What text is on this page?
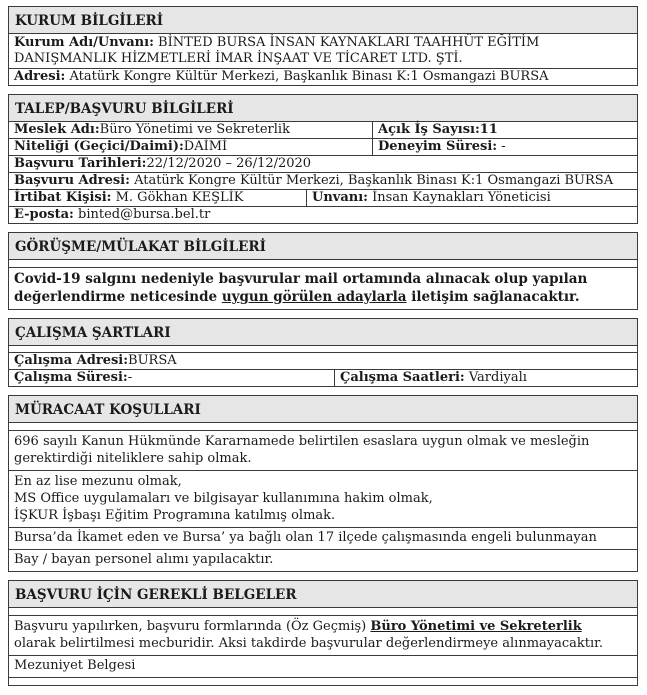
KURUM BİLGİLERİ
Kurum Adı/Unvanı: BİNTED BURSA İNSAN KAYNAKLARI TAAHHÜT EĞİTİM
DANIŞMANLIK HİZMETLERİ İMAR İNŞAAT VE TİCARET LTD. ŞTİ.
Adresi: Atatürk Kongre Kültür Merkezi, Başkanlık Binası K:1 Osmangazi BURSA
TALEP/BAŞVURU BİLGİLERİ
Meslek Adı:Büro Yönetimi ve Sekreterlik	Açık İş Sayısı:11
Niteliği (Geçici/Daimi):DAİMİ	Deneyim Süresi: -
Başvuru Tarihleri:22/12/2020 – 26/12/2020
Başvuru Adresi: Atatürk Kongre Kültür Merkezi, Başkanlık Binası K:1 Osmangazi BURSA
İrtibat Kişisi: M. Gökhan KEŞLİK	Unvanı: İnsan Kaynakları Yöneticisi
E-posta: binted@bursa.bel.tr
GÖRÜŞME/MÜLAKAT BİLGİLERİ
Covid-19 salgını nedeniyle başvurular mail ortamında alınacak olup yapılan
değerlendirme neticesinde uygun görülen adaylarla iletişim sağlanacaktır.
ÇALIŞMA ŞARTLARI
Çalışma Adresi:BURSA
Çalışma Süresi:-	Çalışma Saatleri: Vardiyalı
MÜRACAAT KOŞULLARI
696 sayılı Kanun Hükmünde Kararnamede belirtilen esaslara uygun olmak ve mesleğin
gerektirdiği niteliklere sahip olmak.
En az lise mezunu olmak,
MS Office uygulamaları ve bilgisayar kullanımına hakim olmak,
İŞKUR İşbaşı Eğitim Programına katılmış olmak.
Bursa’da İkamet eden ve Bursa’ ya bağlı olan 17 ilçede çalışmasında engeli bulunmayan
Bay / bayan personel alımı yapılacaktır.
BAŞVURU İÇİN GEREKLİ BELGELER
Başvuru yapılırken, başvuru formlarında (Öz Geçmiş) Büro Yönetimi ve Sekreterlik
olarak belirtilmesi mecburidir. Aksi takdirde başvurular değerlendirmeye alınmayacaktır.
Mezuniyet Belgesi
